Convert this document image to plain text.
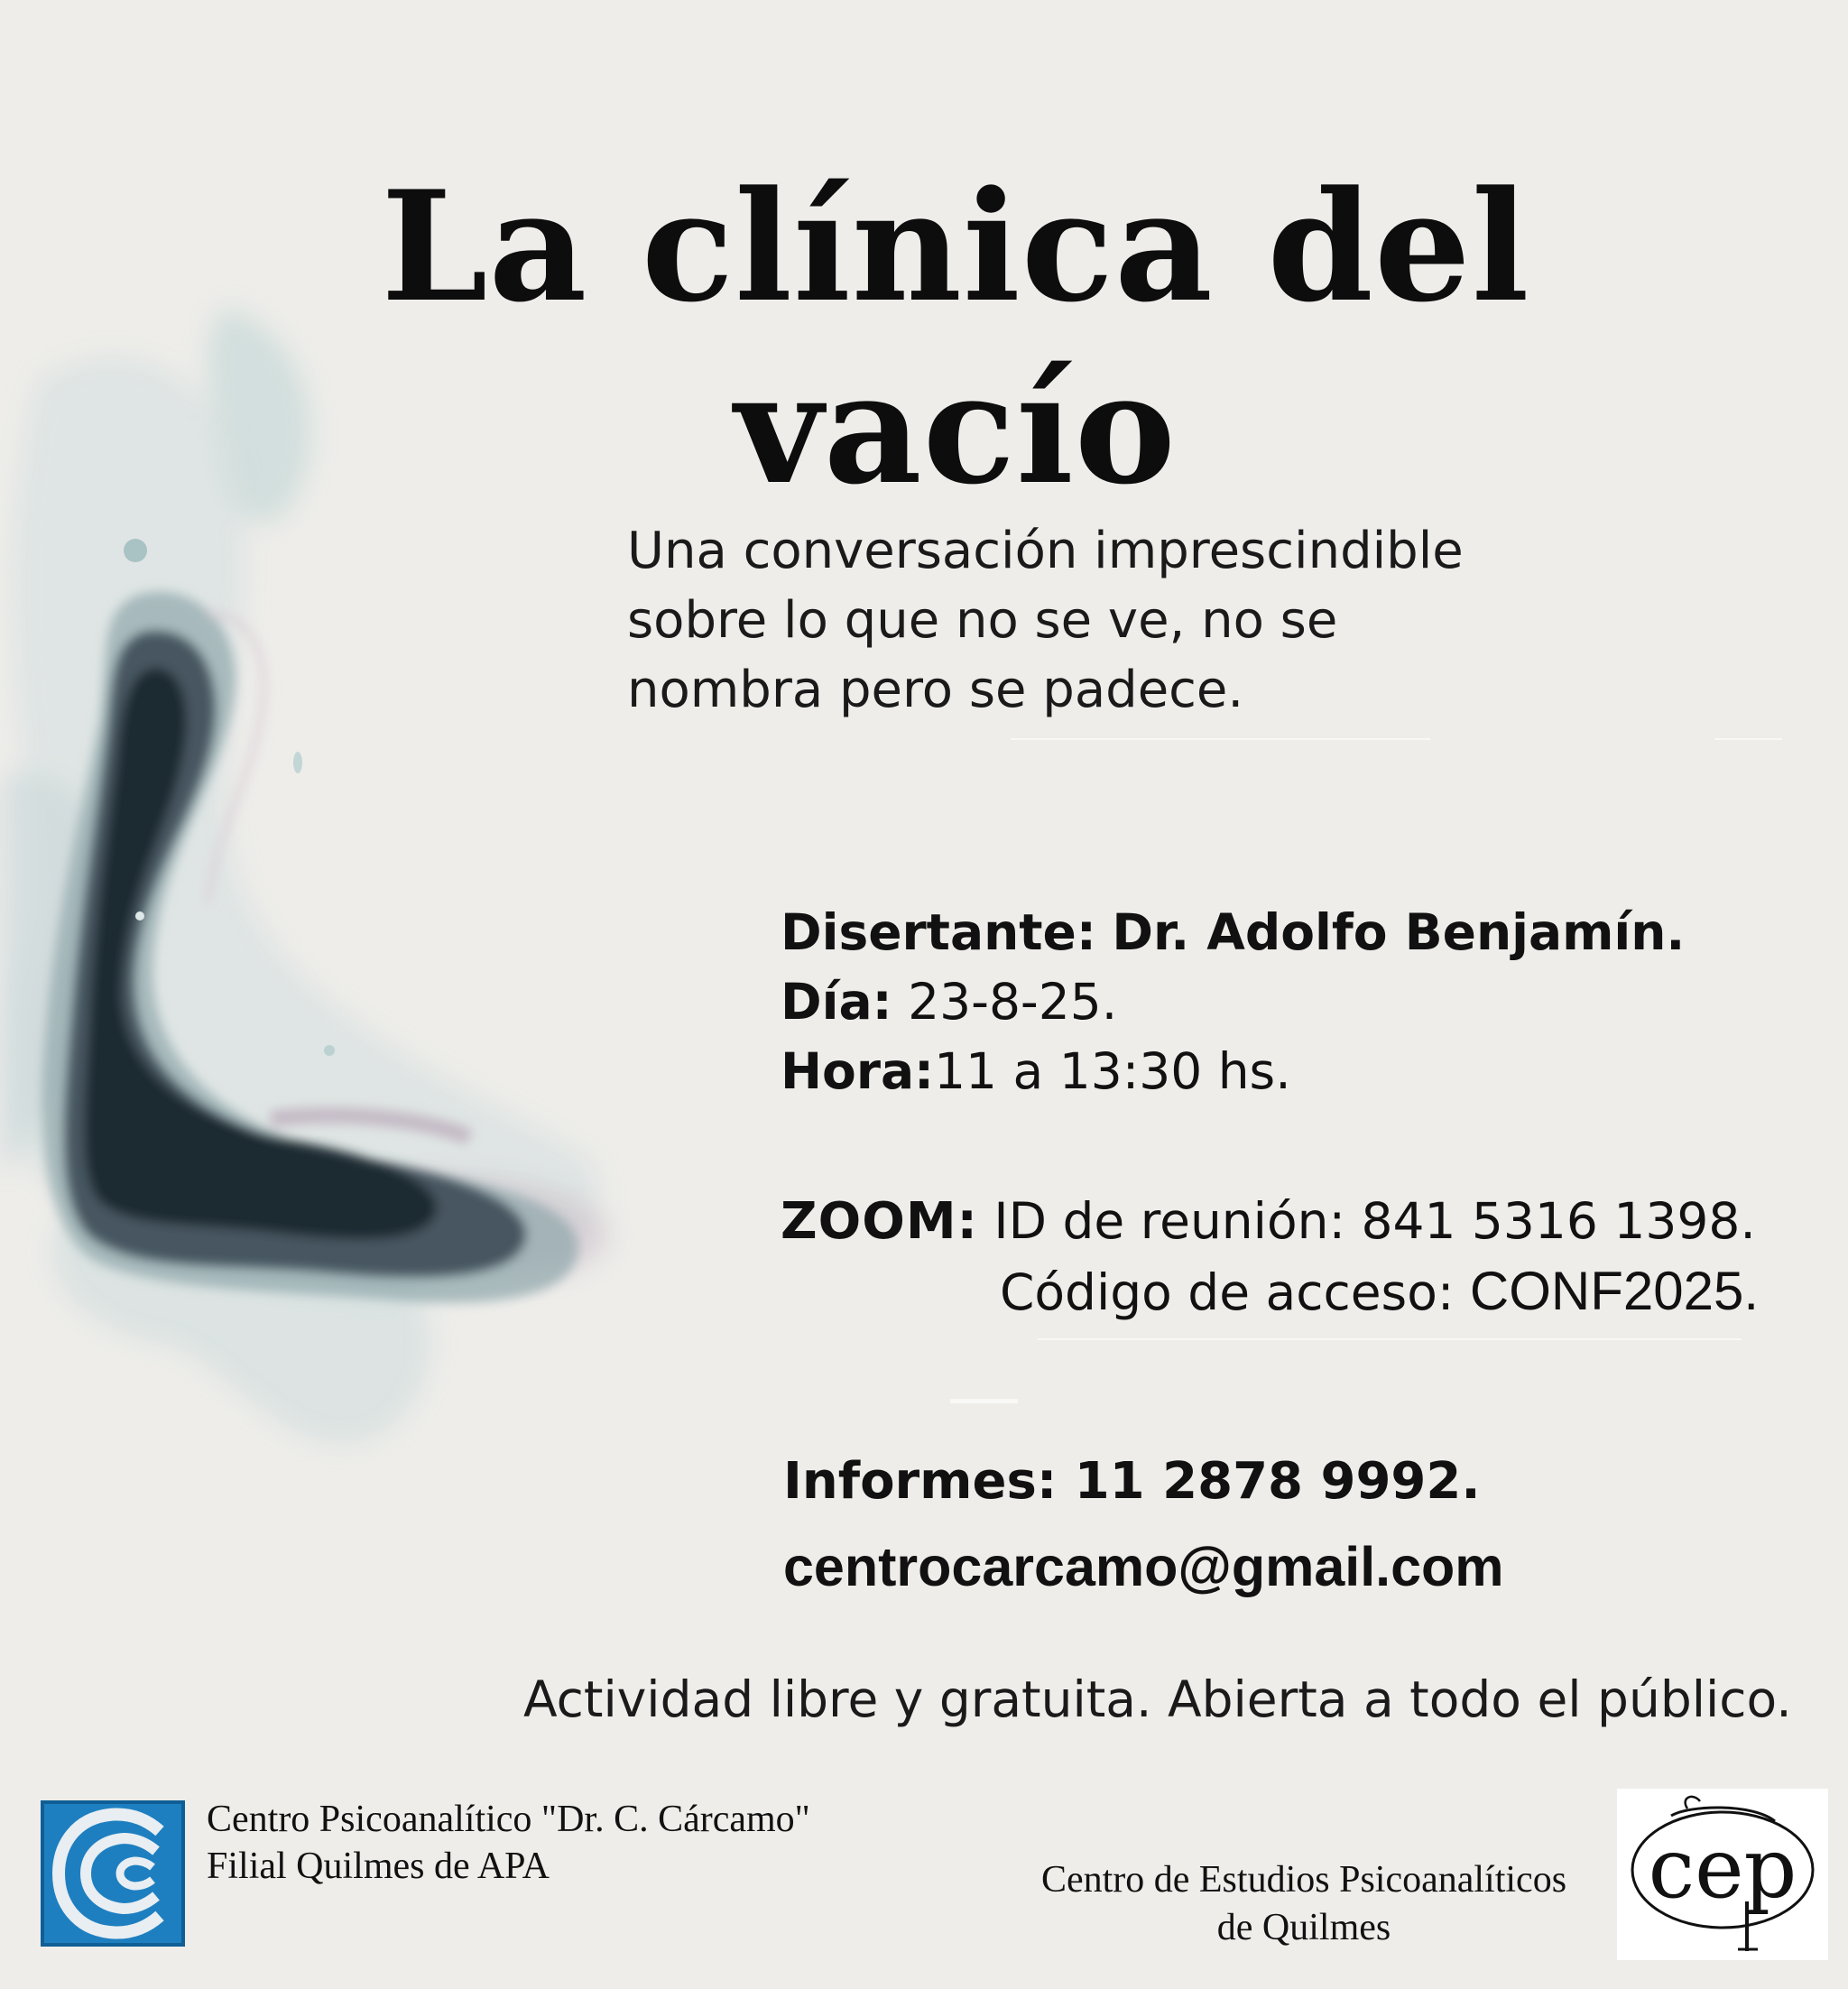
La clínica del
vacío
Una conversación imprescindible
sobre lo que no se ve, no se
nombra pero se padece.
Disertante: Dr. Adolfo Benjamín.
Día: 23-8-25.
Hora:11 a 13:30 hs.
ZOOM: ID de reunión: 841 5316 1398.
Código de acceso: CONF2025.
Informes: 11 2878 9992.
centrocarcamo@gmail.com
Actividad libre y gratuita. Abierta a todo el público.
Centro Psicoanalítico "Dr. C. Cárcamo"
Filial Quilmes de APA	Centro de Estudios Psicoanalíticos
de Quilmes
cep
